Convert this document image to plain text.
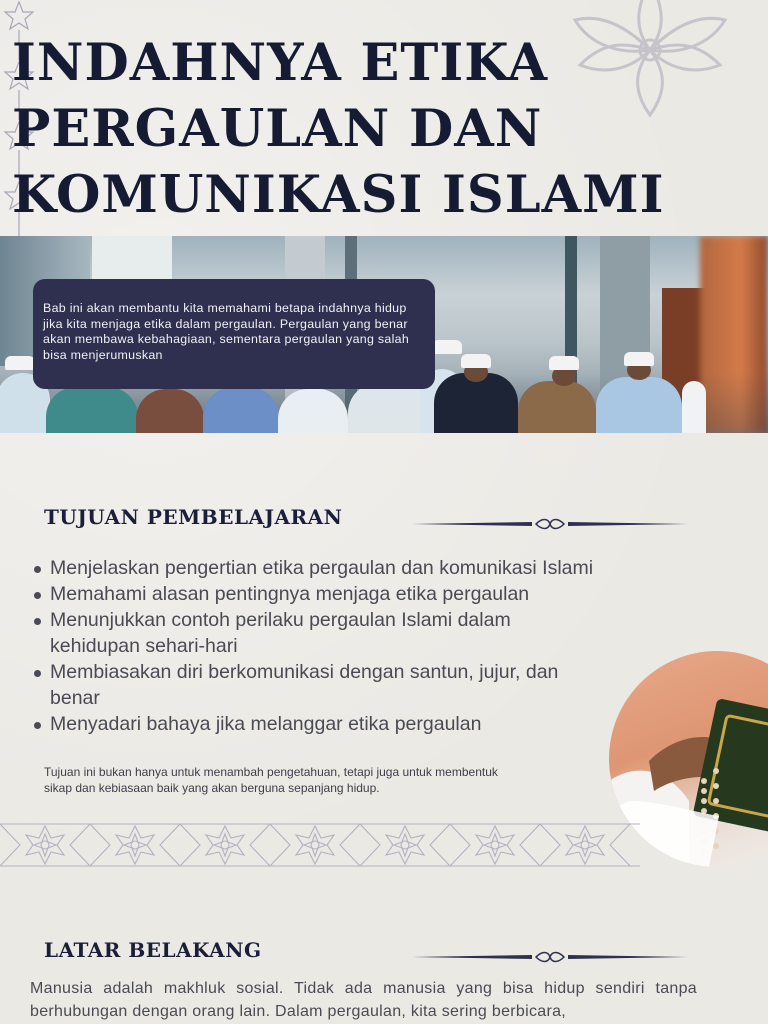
INDAHNYA ETIKA
PERGAULAN DAN
KOMUNIKASI ISLAMI
Bab ini akan membantu kita memahami betapa indahnya hidup jika kita menjaga etika dalam pergaulan. Pergaulan yang benar akan membawa kebahagiaan, sementara pergaulan yang salah bisa menjerumuskan
TUJUAN PEMBELAJARAN
Menjelaskan pengertian etika pergaulan dan komunikasi Islami
Memahami alasan pentingnya menjaga etika pergaulan
Menunjukkan contoh perilaku pergaulan Islami dalam kehidupan sehari-hari
Membiasakan diri berkomunikasi dengan santun, jujur, dan benar
Menyadari bahaya jika melanggar etika pergaulan
Tujuan ini bukan hanya untuk menambah pengetahuan, tetapi juga untuk membentuk sikap dan kebiasaan baik yang akan berguna sepanjang hidup.
LATAR BELAKANG

Manusia adalah makhluk sosial. Tidak ada manusia yang bisa hidup sendiri tanpa berhubungan dengan orang lain. Dalam pergaulan, kita sering berbicara,
